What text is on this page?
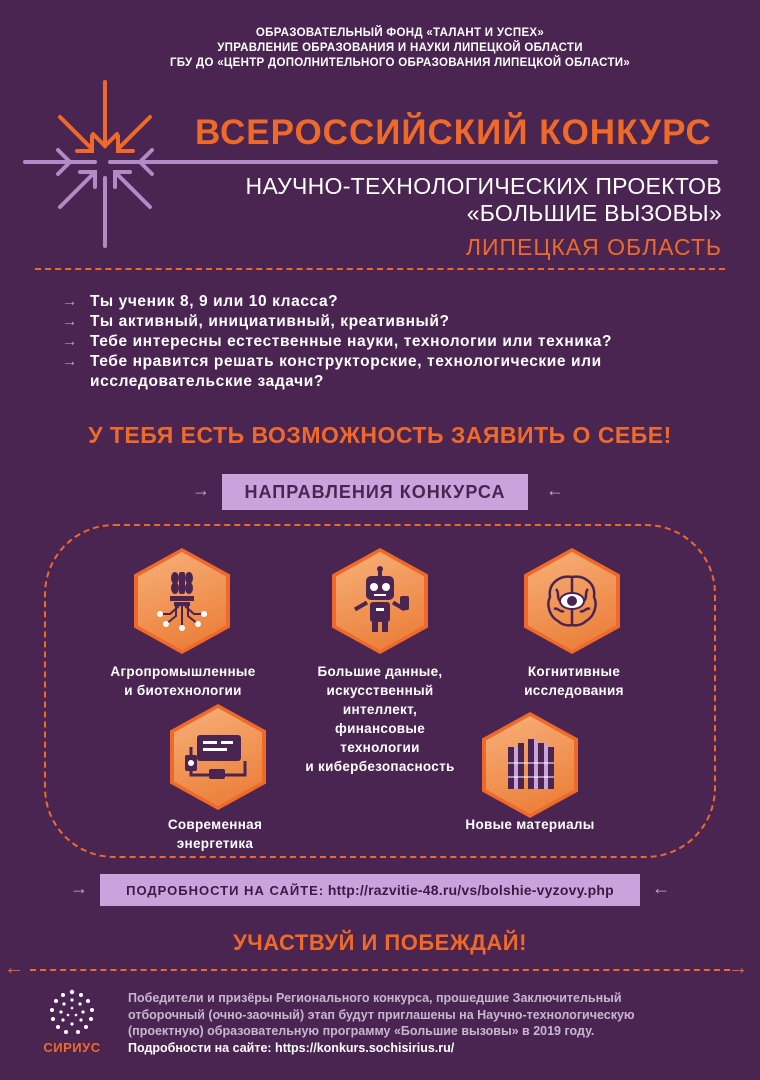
ОБРАЗОВАТЕЛЬНЫЙ ФОНД «ТАЛАНТ И УСПЕХ»
УПРАВЛЕНИЕ ОБРАЗОВАНИЯ И НАУКИ ЛИПЕЦКОЙ ОБЛАСТИ
ГБУ ДО «ЦЕНТР ДОПОЛНИТЕЛЬНОГО ОБРАЗОВАНИЯ ЛИПЕЦКОЙ ОБЛАСТИ»
ВСЕРОССИЙСКИЙ КОНКУРС
НАУЧНО-ТЕХНОЛОГИЧЕСКИХ ПРОЕКТОВ
«БОЛЬШИЕ ВЫЗОВЫ»
ЛИПЕЦКАЯ ОБЛАСТЬ
→ Ты ученик 8, 9 или 10 класса?
→ Ты активный, инициативный, креативный?
→ Тебе интересны естественные науки, технологии или техника?
→ Тебе нравится решать конструкторские, технологические или исследовательские задачи?
У ТЕБЯ ЕСТЬ ВОЗМОЖНОСТЬ ЗАЯВИТЬ О СЕБЕ!
→	НАПРАВЛЕНИЯ КОНКУРСА	←
Агропромышленные
и биотехнологии
Большие данные,
искусственный
интеллект,
финансовые
технологии
и кибербезопасность
Когнитивные
исследования
Современная
энергетика
Новые материалы
→	ПОДРОБНОСТИ НА САЙТЕ: http://razvitie-48.ru/vs/bolshie-vyzovy.php	←
УЧАСТВУЙ И ПОБЕЖДАЙ!
←	→
СИРИУС
Победители и призёры Регионального конкурса, прошедшие Заключительный
отборочный (очно-заочный) этап будут приглашены на Научно-технологическую
(проектную) образовательную программу «Большие вызовы» в 2019 году.
Подробности на сайте: https://konkurs.sochisirius.ru/
